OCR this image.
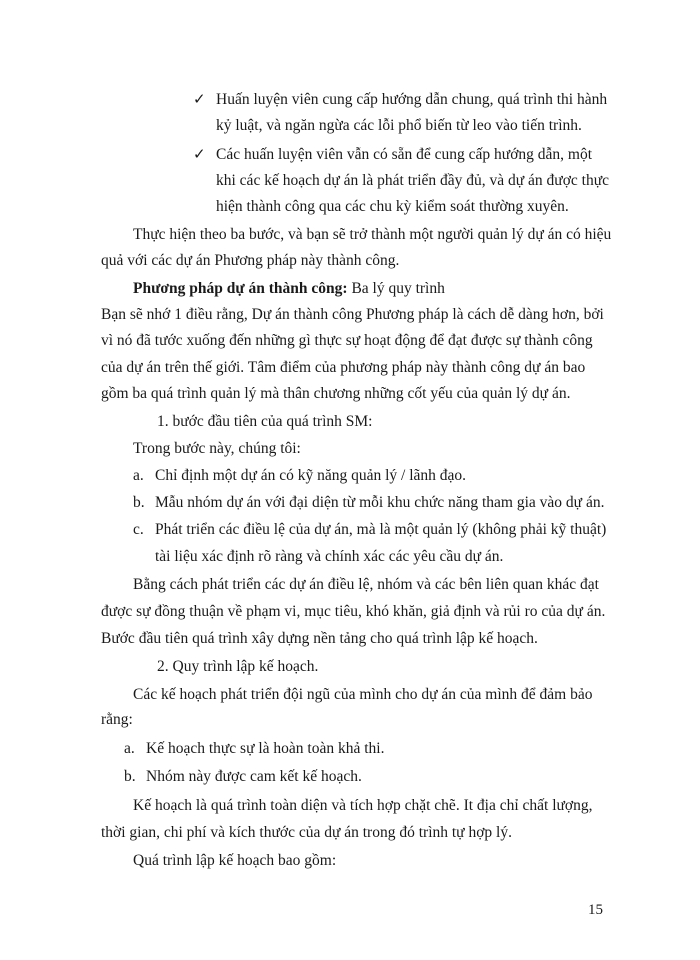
✓ Huấn luyện viên cung cấp hướng dẫn chung, quá trình thi hành
kỷ luật, và ngăn ngừa các lỗi phổ biến từ leo vào tiến trình.
✓ Các huấn luyện viên vẫn có sẵn để cung cấp hướng dẫn, một
khi các kế hoạch dự án là phát triển đầy đủ, và dự án được thực
hiện thành công qua các chu kỳ kiểm soát thường xuyên.
Thực hiện theo ba bước, và bạn sẽ trở thành một người quản lý dự án có hiệu
quả với các dự án Phương pháp này thành công.
Phương pháp dự án thành công: Ba lý quy trình
Bạn sẽ nhớ 1 điều rằng, Dự án thành công Phương pháp là cách dễ dàng hơn, bởi
vì nó đã tước xuống đến những gì thực sự hoạt động để đạt được sự thành công
của dự án trên thế giới. Tâm điểm của phương pháp này thành công dự án bao
gồm ba quá trình quản lý mà thân chương những cốt yếu của quản lý dự án.
1. bước đầu tiên của quá trình SM:
Trong bước này, chúng tôi:
a. Chỉ định một dự án có kỹ năng quản lý / lãnh đạo.
b. Mẫu nhóm dự án với đại diện từ mỗi khu chức năng tham gia vào dự án.
c. Phát triển các điều lệ của dự án, mà là một quản lý (không phải kỹ thuật)
tài liệu xác định rõ ràng và chính xác các yêu cầu dự án.
Bằng cách phát triển các dự án điều lệ, nhóm và các bên liên quan khác đạt
được sự đồng thuận về phạm vi, mục tiêu, khó khăn, giả định và rủi ro của dự án.
Bước đầu tiên quá trình xây dựng nền tảng cho quá trình lập kế hoạch.
2. Quy trình lập kế hoạch.
Các kế hoạch phát triển đội ngũ của mình cho dự án của mình để đảm bảo
rằng:
a. Kế hoạch thực sự là hoàn toàn khả thi.
b. Nhóm này được cam kết kế hoạch.
Kế hoạch là quá trình toàn diện và tích hợp chặt chẽ. It địa chỉ chất lượng,
thời gian, chi phí và kích thước của dự án trong đó trình tự hợp lý.
Quá trình lập kế hoạch bao gồm:
15
